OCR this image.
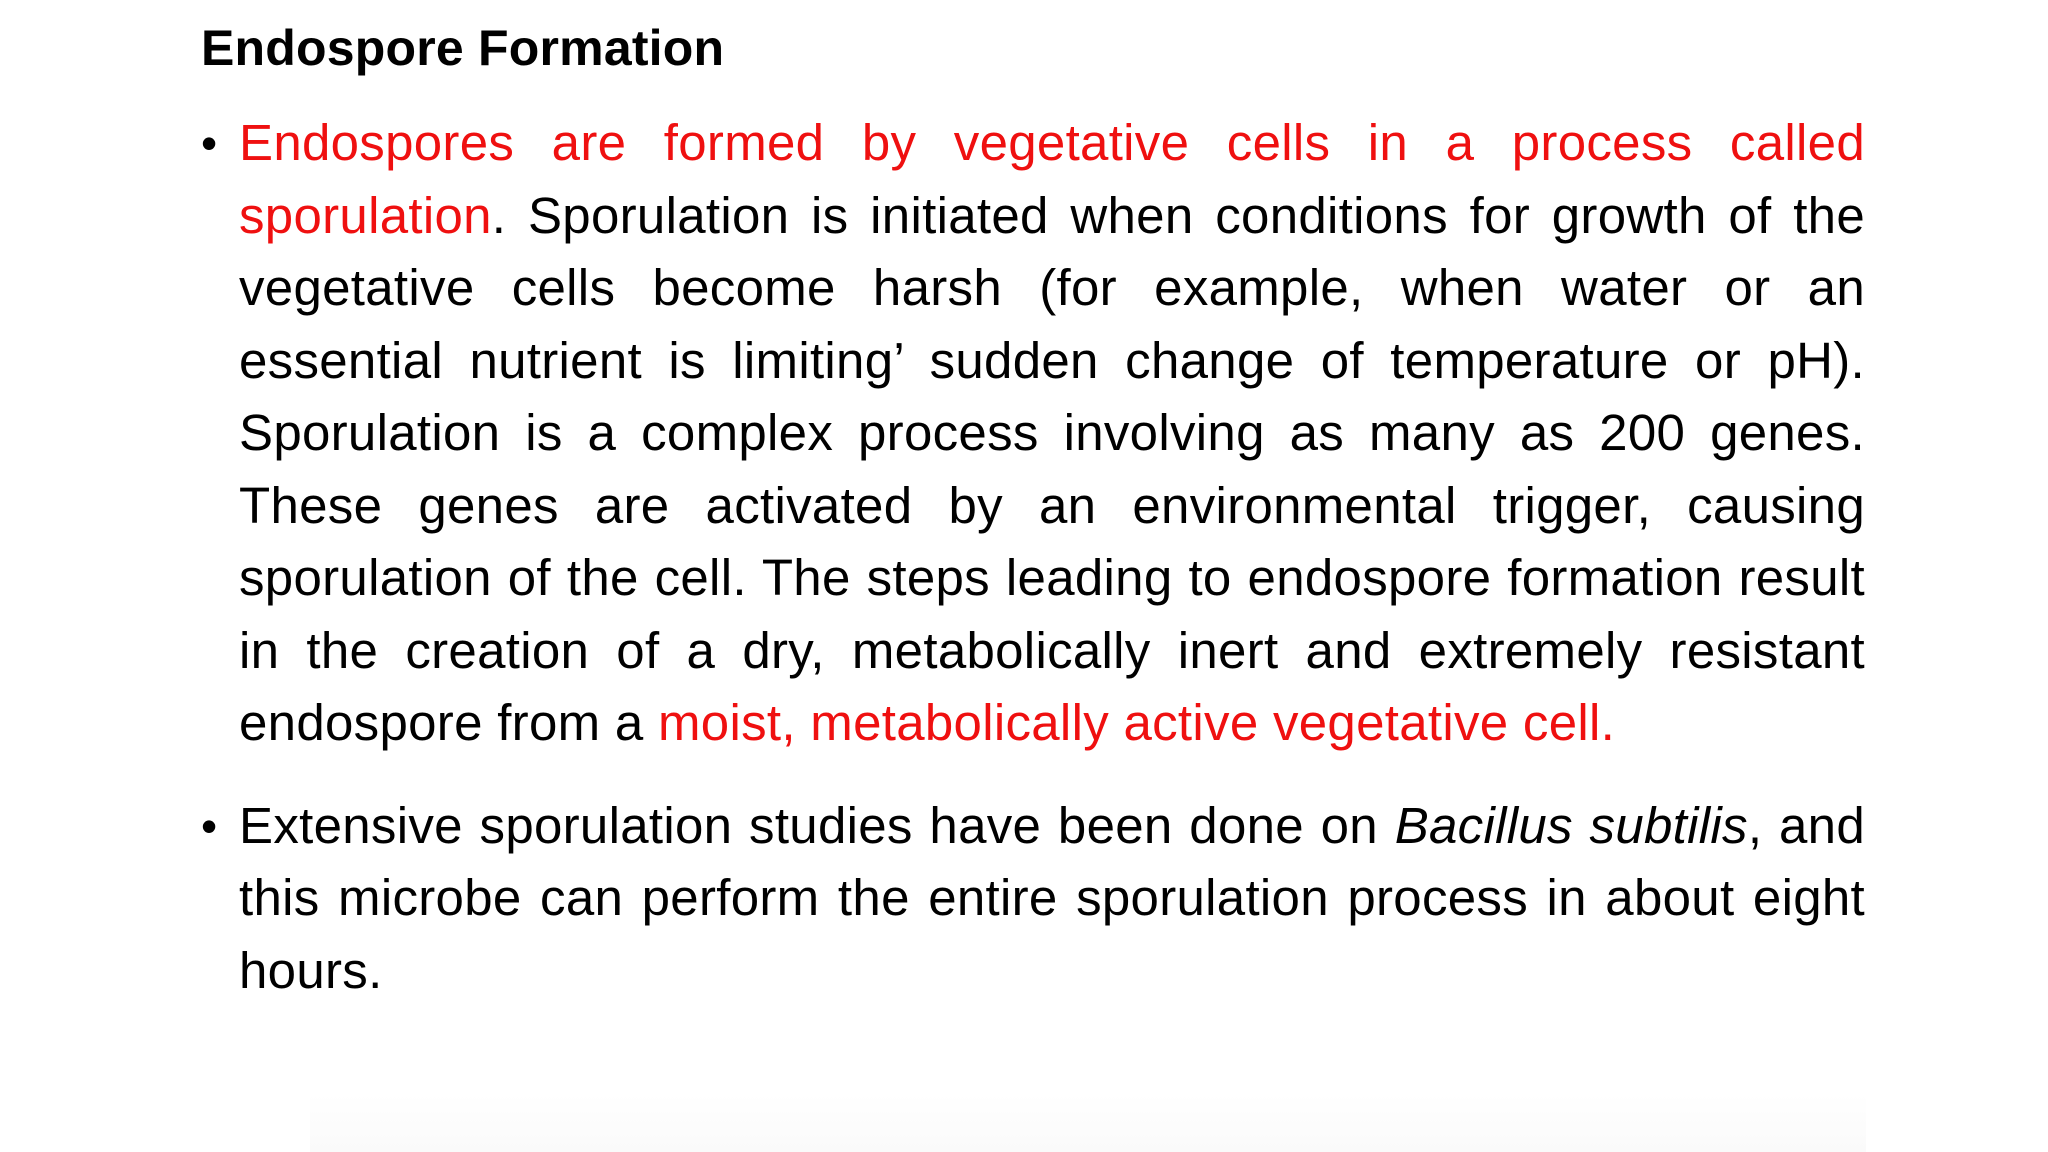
Endospore Formation
• Endospores are formed by vegetative cells in a process called sporulation. Sporulation is initiated when conditions for growth of the vegetative cells become harsh (for example, when water or an essential nutrient is limiting’ sudden change of temperature or pH). Sporulation is a complex process involving as many as 200 genes. These genes are activated by an environmental trigger, causing sporulation of the cell. The steps leading to endospore formation result in the creation of a dry, metabolically inert and extremely resistant endospore from a moist, metabolically active vegetative cell.
• Extensive sporulation studies have been done on Bacillus subtilis, and this microbe can perform the entire sporulation process in about eight hours.
